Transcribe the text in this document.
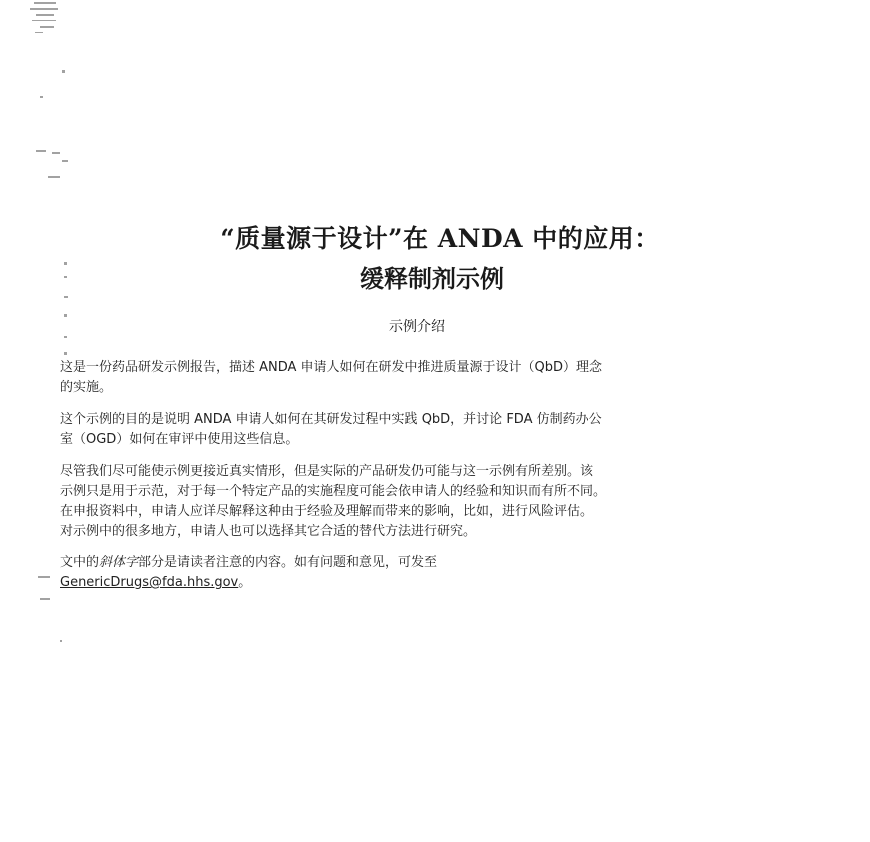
“质量源于设计”在 ANDA 中的应用：
缓释制剂示例
示例介绍
这是一份药品研发示例报告，描述 ANDA 申请人如何在研发中推进质量源于设计（QbD）理念
的实施。
这个示例的目的是说明 ANDA 申请人如何在其研发过程中实践 QbD，并讨论 FDA 仿制药办公
室（OGD）如何在审评中使用这些信息。
尽管我们尽可能使示例更接近真实情形，但是实际的产品研发仍可能与这一示例有所差别。该
示例只是用于示范，对于每一个特定产品的实施程度可能会依申请人的经验和知识而有所不同。
在申报资料中，申请人应详尽解释这种由于经验及理解而带来的影响，比如，进行风险评估。
对示例中的很多地方，申请人也可以选择其它合适的替代方法进行研究。
文中的斜体字部分是请读者注意的内容。如有问题和意见，可发至
GenericDrugs@fda.hhs.gov。
